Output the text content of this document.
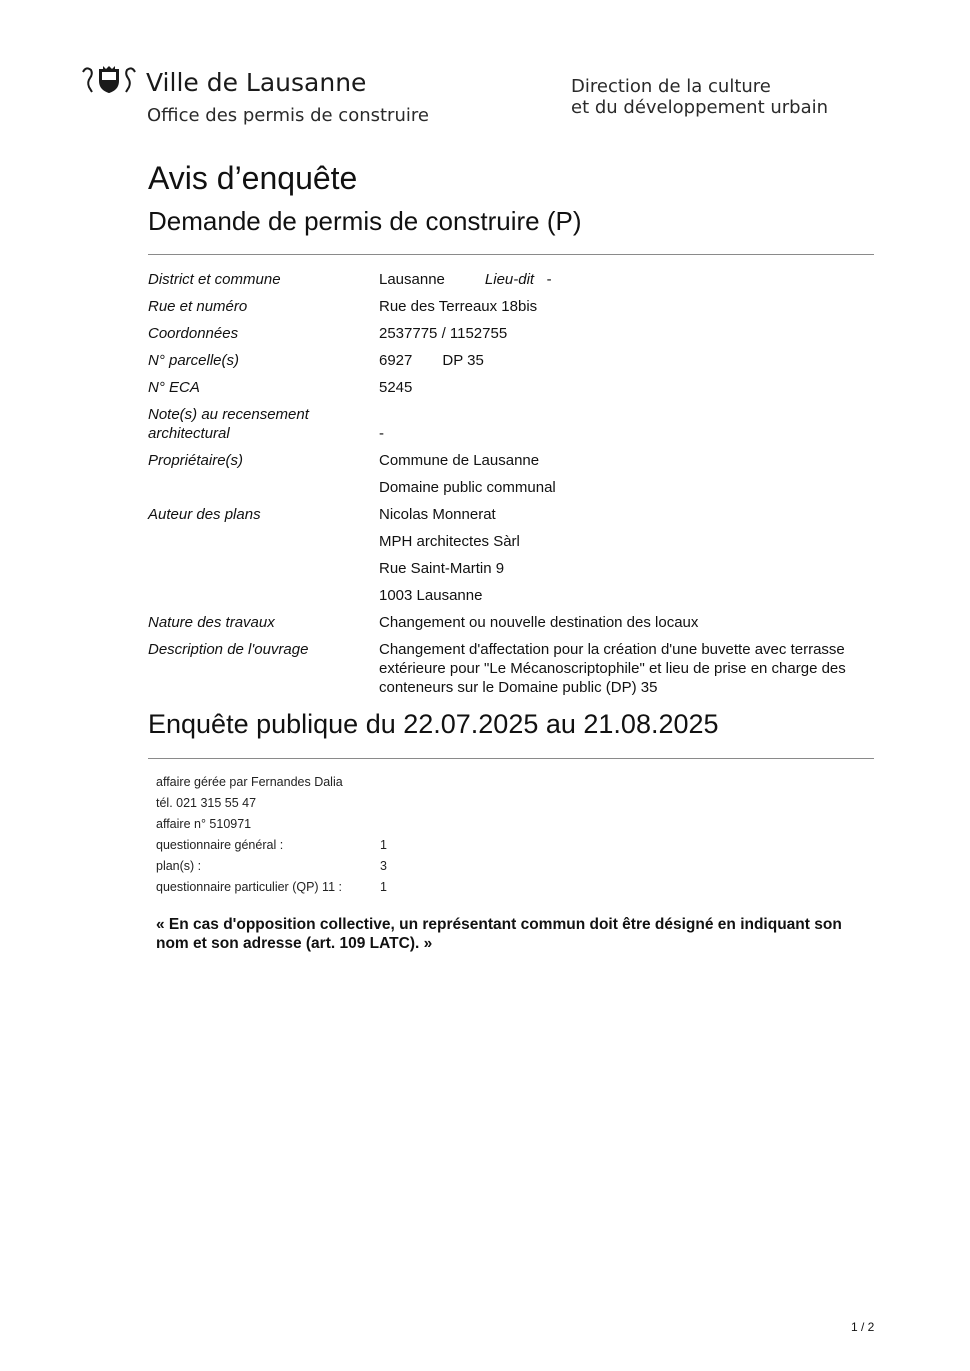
Ville de Lausanne
Office des permis de construire
Direction de la culture
et du développement urbain
Avis d’enquête
Demande de permis de construire (P)
District et commune	Lausanne	Lieu-dit -
Rue et numéro	Rue des Terreaux 18bis
Coordonnées	2537775 / 1152755
N° parcelle(s)	6927 DP 35
N° ECA	5245
Note(s) au recensement architectural	-
Propriétaire(s)	Commune de Lausanne
Domaine public communal
Auteur des plans	Nicolas Monnerat
MPH architectes Sàrl
Rue Saint-Martin 9
1003 Lausanne
Nature des travaux	Changement ou nouvelle destination des locaux
Description de l'ouvrage	Changement d'affectation pour la création d'une buvette avec terrasse extérieure pour "Le Mécanoscriptophile" et lieu de prise en charge des conteneurs sur le Domaine public (DP) 35
Enquête publique du 22.07.2025 au 21.08.2025
affaire gérée par Fernandes Dalia
tél. 021 315 55 47
affaire n° 510971
questionnaire général :	1
plan(s) :	3
questionnaire particulier (QP) 11 :	1
« En cas d'opposition collective, un représentant commun doit être désigné en indiquant son nom et son adresse (art. 109 LATC). »
1 / 2
